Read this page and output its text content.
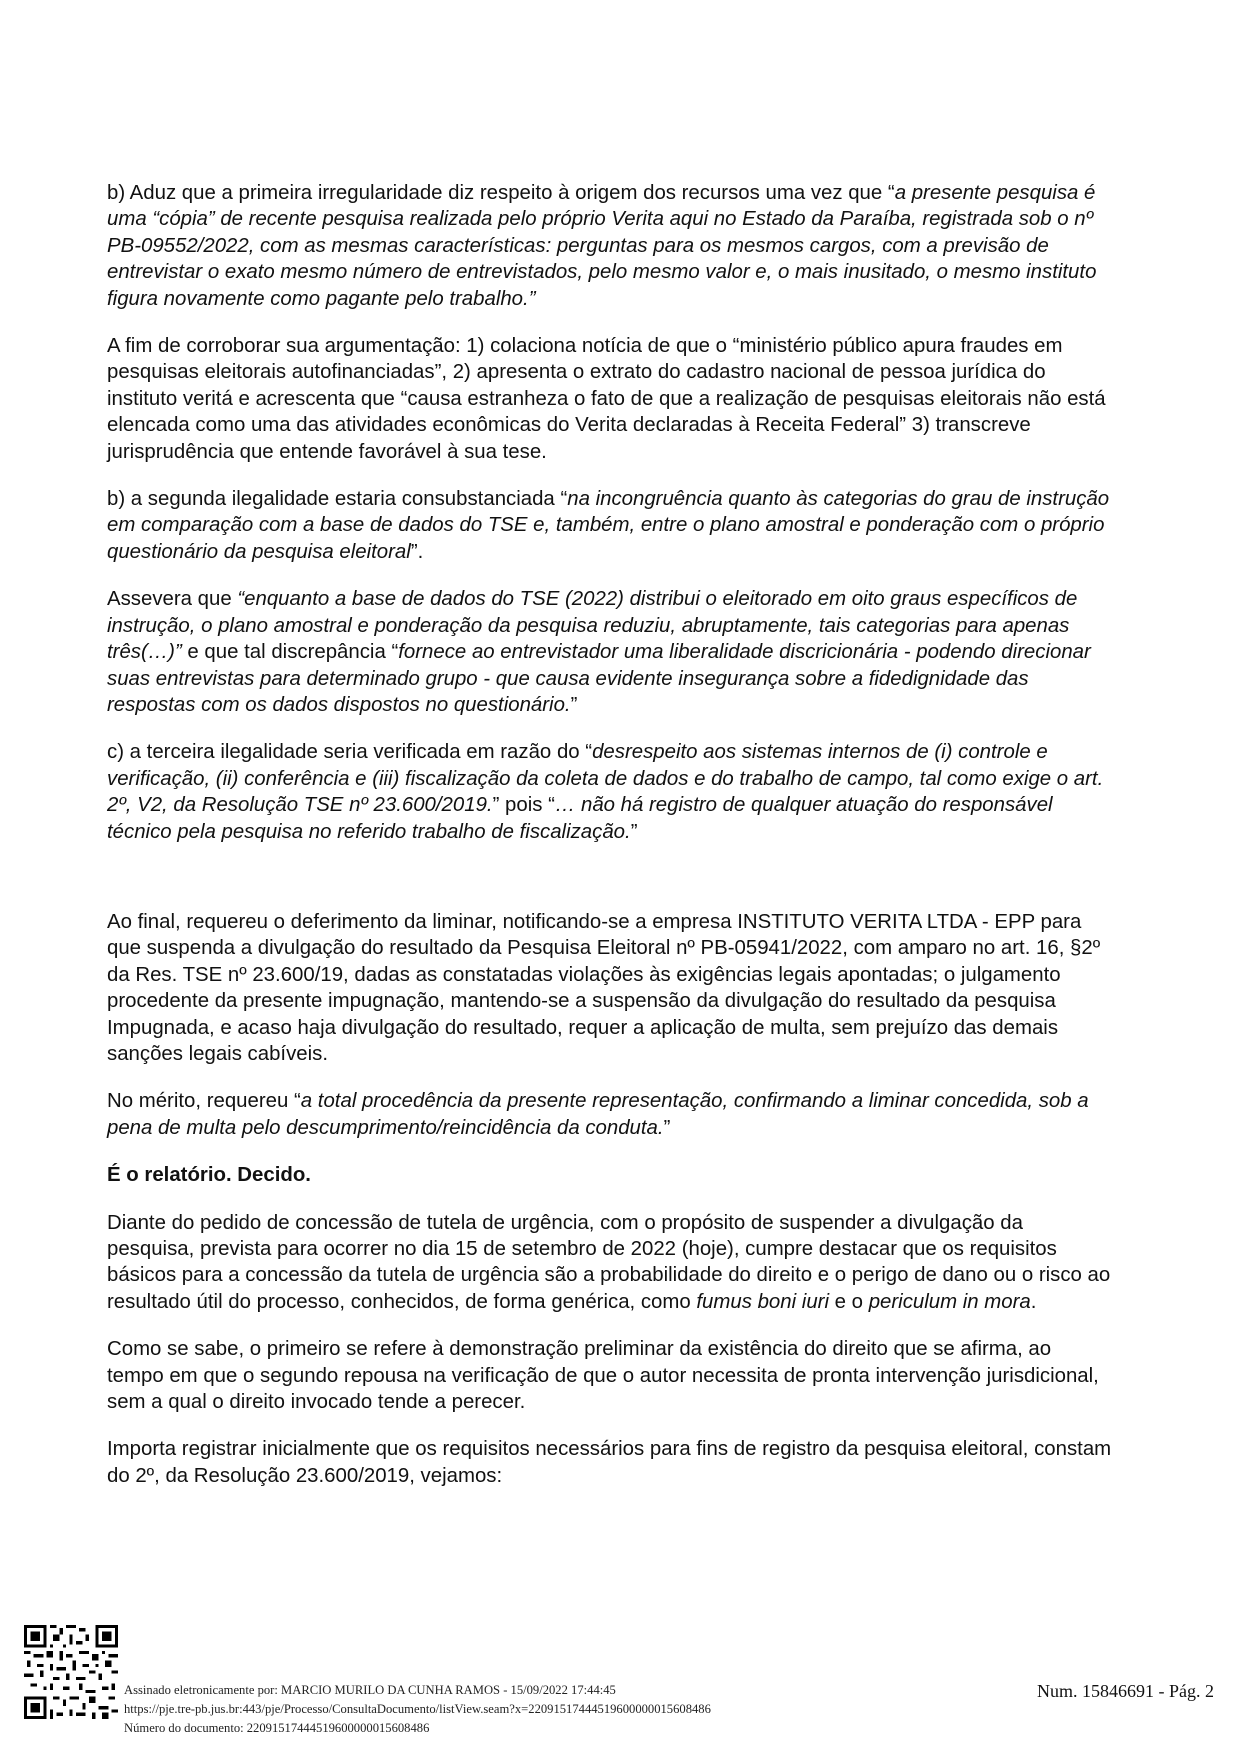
b) Aduz que a primeira irregularidade diz respeito à origem dos recursos uma vez que “a presente pesquisa é uma “cópia” de recente pesquisa realizada pelo próprio Verita aqui no Estado da Paraíba, registrada sob o nº PB-09552/2022, com as mesmas características: perguntas para os mesmos cargos, com a previsão de entrevistar o exato mesmo número de entrevistados, pelo mesmo valor e, o mais inusitado, o mesmo instituto figura novamente como pagante pelo trabalho.”

A fim de corroborar sua argumentação: 1) colaciona notícia de que o “ministério público apura fraudes em pesquisas eleitorais autofinanciadas”, 2) apresenta o extrato do cadastro nacional de pessoa jurídica do instituto veritá e acrescenta que “causa estranheza o fato de que a realização de pesquisas eleitorais não está elencada como uma das atividades econômicas do Verita declaradas à Receita Federal” 3) transcreve jurisprudência que entende favorável à sua tese.

b) a segunda ilegalidade estaria consubstanciada “na incongruência quanto às categorias do grau de instrução em comparação com a base de dados do TSE e, também, entre o plano amostral e ponderação com o próprio questionário da pesquisa eleitoral”.

Assevera que “enquanto a base de dados do TSE (2022) distribui o eleitorado em oito graus específicos de instrução, o plano amostral e ponderação da pesquisa reduziu, abruptamente, tais categorias para apenas três(…)” e que tal discrepância “fornece ao entrevistador uma liberalidade discricionária - podendo direcionar suas entrevistas para determinado grupo - que causa evidente insegurança sobre a fidedignidade das respostas com os dados dispostos no questionário.”

c) a terceira ilegalidade seria verificada em razão do “desrespeito aos sistemas internos de (i) controle e verificação, (ii) conferência e (iii) fiscalização da coleta de dados e do trabalho de campo, tal como exige o art. 2º, V2, da Resolução TSE nº 23.600/2019.” pois “… não há registro de qualquer atuação do responsável técnico pela pesquisa no referido trabalho de fiscalização.”

Ao final, requereu o deferimento da liminar, notificando-se a empresa INSTITUTO VERITA LTDA - EPP para que suspenda a divulgação do resultado da Pesquisa Eleitoral nº PB-05941/2022, com amparo no art. 16, §2º da Res. TSE nº 23.600/19, dadas as constatadas violações às exigências legais apontadas; o julgamento procedente da presente impugnação, mantendo-se a suspensão da divulgação do resultado da pesquisa Impugnada, e acaso haja divulgação do resultado, requer a aplicação de multa, sem prejuízo das demais sanções legais cabíveis.

No mérito, requereu “a total procedência da presente representação, confirmando a liminar concedida, sob a pena de multa pelo descumprimento/reincidência da conduta.”

É o relatório. Decido.

Diante do pedido de concessão de tutela de urgência, com o propósito de suspender a divulgação da pesquisa, prevista para ocorrer no dia 15 de setembro de 2022 (hoje), cumpre destacar que os requisitos básicos para a concessão da tutela de urgência são a probabilidade do direito e o perigo de dano ou o risco ao resultado útil do processo, conhecidos, de forma genérica, como fumus boni iuri e o periculum in mora.

Como se sabe, o primeiro se refere à demonstração preliminar da existência do direito que se afirma, ao tempo em que o segundo repousa na verificação de que o autor necessita de pronta intervenção jurisdicional, sem a qual o direito invocado tende a perecer.

Importa registrar inicialmente que os requisitos necessários para fins de registro da pesquisa eleitoral, constam do 2º, da Resolução 23.600/2019, vejamos:

Assinado eletronicamente por: MARCIO MURILO DA CUNHA RAMOS - 15/09/2022 17:44:45
https://pje.tre-pb.jus.br:443/pje/Processo/ConsultaDocumento/listView.seam?x=22091517444519600000015608486
Número do documento: 22091517444519600000015608486
Num. 15846691 - Pág. 2
